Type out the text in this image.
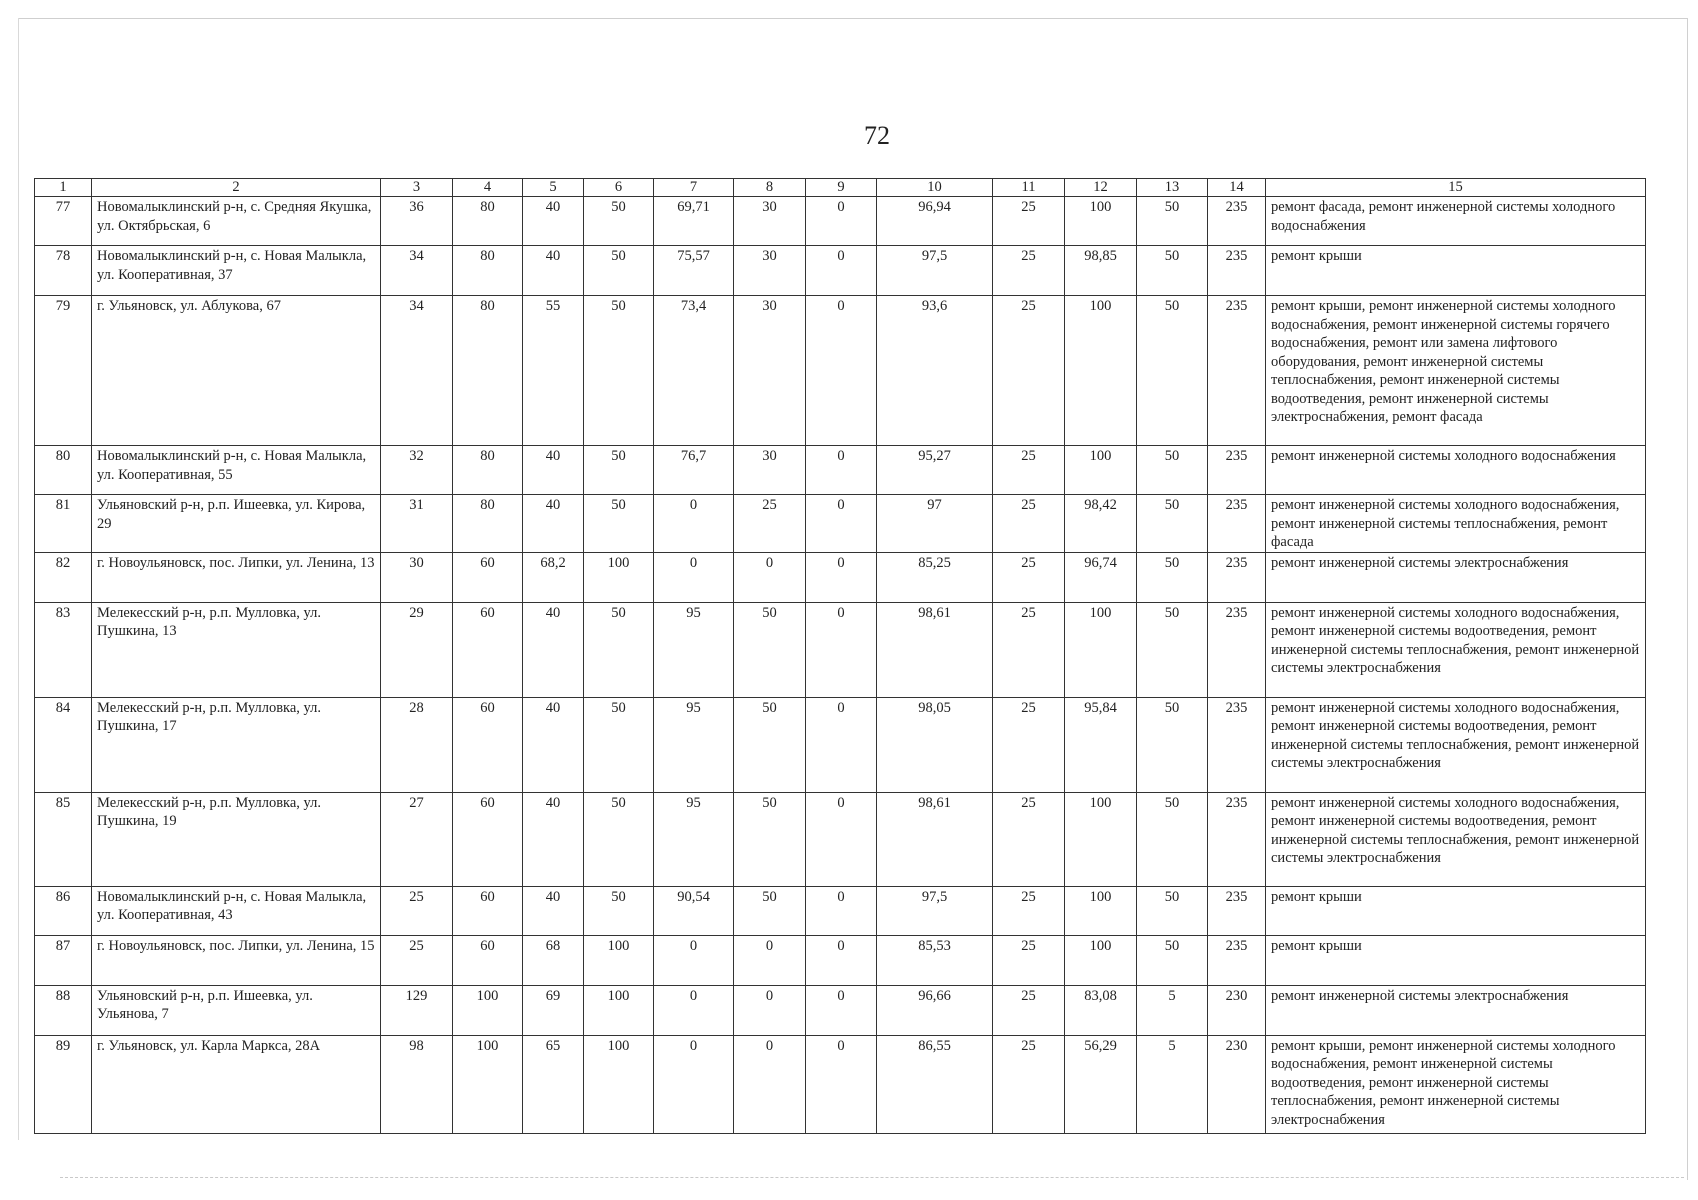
72
1	2	3	4	5	6	7	8	9	10	11	12	13	14	15
77	Новомалыклинский р-н, с. Средняя Якушка, ул. Октябрьская, 6	36	80	40	50	69,71	30	0	96,94	25	100	50	235	ремонт фасада, ремонт инженерной системы холодного водоснабжения
78	Новомалыклинский р-н, с. Новая Малыкла, ул. Кооперативная, 37	34	80	40	50	75,57	30	0	97,5	25	98,85	50	235	ремонт крыши
79	г. Ульяновск, ул. Аблукова, 67	34	80	55	50	73,4	30	0	93,6	25	100	50	235	ремонт крыши, ремонт инженерной системы холодного водоснабжения, ремонт инженерной системы горячего водоснабжения, ремонт или замена лифтового оборудования, ремонт инженерной системы теплоснабжения, ремонт инженерной системы водоотведения, ремонт инженерной системы электроснабжения, ремонт фасада
80	Новомалыклинский р-н, с. Новая Малыкла, ул. Кооперативная, 55	32	80	40	50	76,7	30	0	95,27	25	100	50	235	ремонт инженерной системы холодного водоснабжения
81	Ульяновский р-н, р.п. Ишеевка, ул. Кирова, 29	31	80	40	50	0	25	0	97	25	98,42	50	235	ремонт инженерной системы холодного водоснабжения, ремонт инженерной системы теплоснабжения, ремонт фасада
82	г. Новоульяновск, пос. Липки, ул. Ленина, 13	30	60	68,2	100	0	0	0	85,25	25	96,74	50	235	ремонт инженерной системы электроснабжения
83	Мелекесский р-н, р.п. Мулловка, ул. Пушкина, 13	29	60	40	50	95	50	0	98,61	25	100	50	235	ремонт инженерной системы холодного водоснабжения, ремонт инженерной системы водоотведения, ремонт инженерной системы теплоснабжения, ремонт инженерной системы электроснабжения
84	Мелекесский р-н, р.п. Мулловка, ул. Пушкина, 17	28	60	40	50	95	50	0	98,05	25	95,84	50	235	ремонт инженерной системы холодного водоснабжения, ремонт инженерной системы водоотведения, ремонт инженерной системы теплоснабжения, ремонт инженерной системы электроснабжения
85	Мелекесский р-н, р.п. Мулловка, ул. Пушкина, 19	27	60	40	50	95	50	0	98,61	25	100	50	235	ремонт инженерной системы холодного водоснабжения, ремонт инженерной системы водоотведения, ремонт инженерной системы теплоснабжения, ремонт инженерной системы электроснабжения
86	Новомалыклинский р-н, с. Новая Малыкла, ул. Кооперативная, 43	25	60	40	50	90,54	50	0	97,5	25	100	50	235	ремонт крыши
87	г. Новоульяновск, пос. Липки, ул. Ленина, 15	25	60	68	100	0	0	0	85,53	25	100	50	235	ремонт крыши
88	Ульяновский р-н, р.п. Ишеевка, ул. Ульянова, 7	129	100	69	100	0	0	0	96,66	25	83,08	5	230	ремонт инженерной системы электроснабжения
89	г. Ульяновск, ул. Карла Маркса, 28А	98	100	65	100	0	0	0	86,55	25	56,29	5	230	ремонт крыши, ремонт инженерной системы холодного водоснабжения, ремонт инженерной системы водоотведения, ремонт инженерной системы теплоснабжения, ремонт инженерной системы электроснабжения
